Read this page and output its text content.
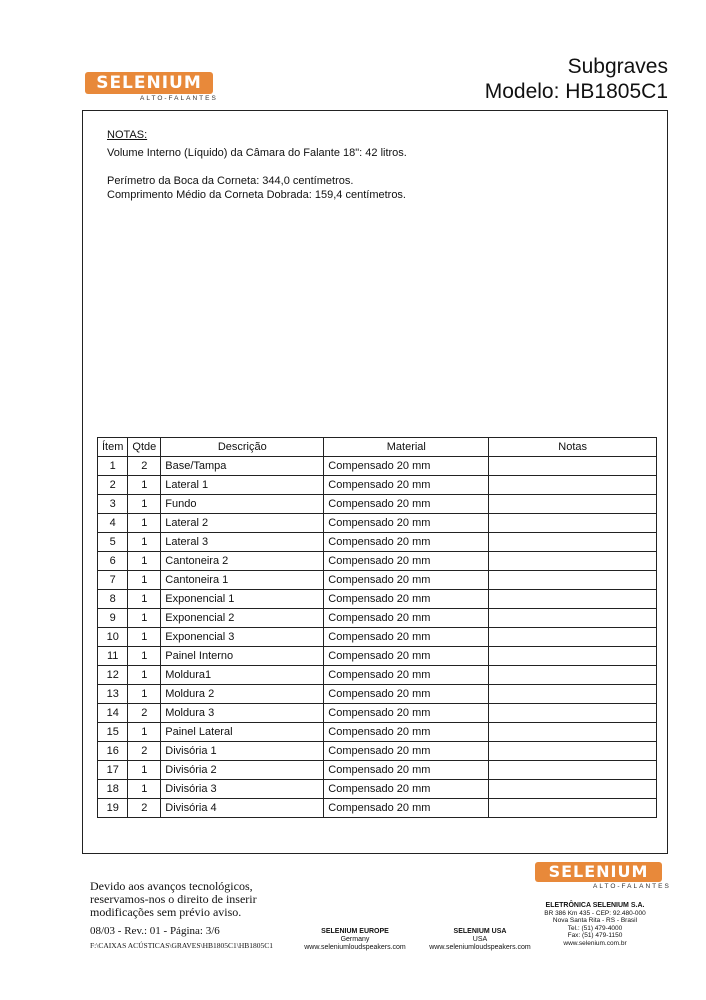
SELENIUM
ALTO-FALANTES
Subgraves
Modelo: HB1805C1
NOTAS:
Volume Interno (Líquido) da Câmara do Falante 18": 42 litros.
Perímetro da Boca da Corneta: 344,0 centímetros.
Comprimento Médio da Corneta Dobrada: 159,4 centímetros.
Ítem	Qtde	Descrição	Material	Notas
1	2	Base/Tampa	Compensado 20 mm	
2	1	Lateral 1	Compensado 20 mm	
3	1	Fundo	Compensado 20 mm	
4	1	Lateral 2	Compensado 20 mm	
5	1	Lateral 3	Compensado 20 mm	
6	1	Cantoneira 2	Compensado 20 mm	
7	1	Cantoneira 1	Compensado 20 mm	
8	1	Exponencial 1	Compensado 20 mm	
9	1	Exponencial 2	Compensado 20 mm	
10	1	Exponencial 3	Compensado 20 mm	
11	1	Painel Interno	Compensado 20 mm	
12	1	Moldura1	Compensado 20 mm	
13	1	Moldura 2	Compensado 20 mm	
14	2	Moldura 3	Compensado 20 mm	
15	1	Painel Lateral	Compensado 20 mm	
16	2	Divisória 1	Compensado 20 mm	
17	1	Divisória 2	Compensado 20 mm	
18	1	Divisória 3	Compensado 20 mm	
19	2	Divisória 4	Compensado 20 mm	
Devido aos avanços tecnológicos,
reservamos-nos o direito de inserir
modificações sem prévio aviso.
08/03 - Rev.: 01 - Página: 3/6
F:\CAIXAS ACÚSTICAS\GRAVES\HB1805C1\HB1805C1
SELENIUM EUROPE
Germany
www.seleniumloudspeakers.com
SELENIUM USA
USA
www.seleniumloudspeakers.com
SELENIUM
ALTO-FALANTES
ELETRÔNICA SELENIUM S.A.
BR 386 Km 435 - CEP: 92.480-000
Nova Santa Rita - RS - Brasil
Tel.: (51) 479-4000
Fax: (51) 479-1150
www.selenium.com.br
